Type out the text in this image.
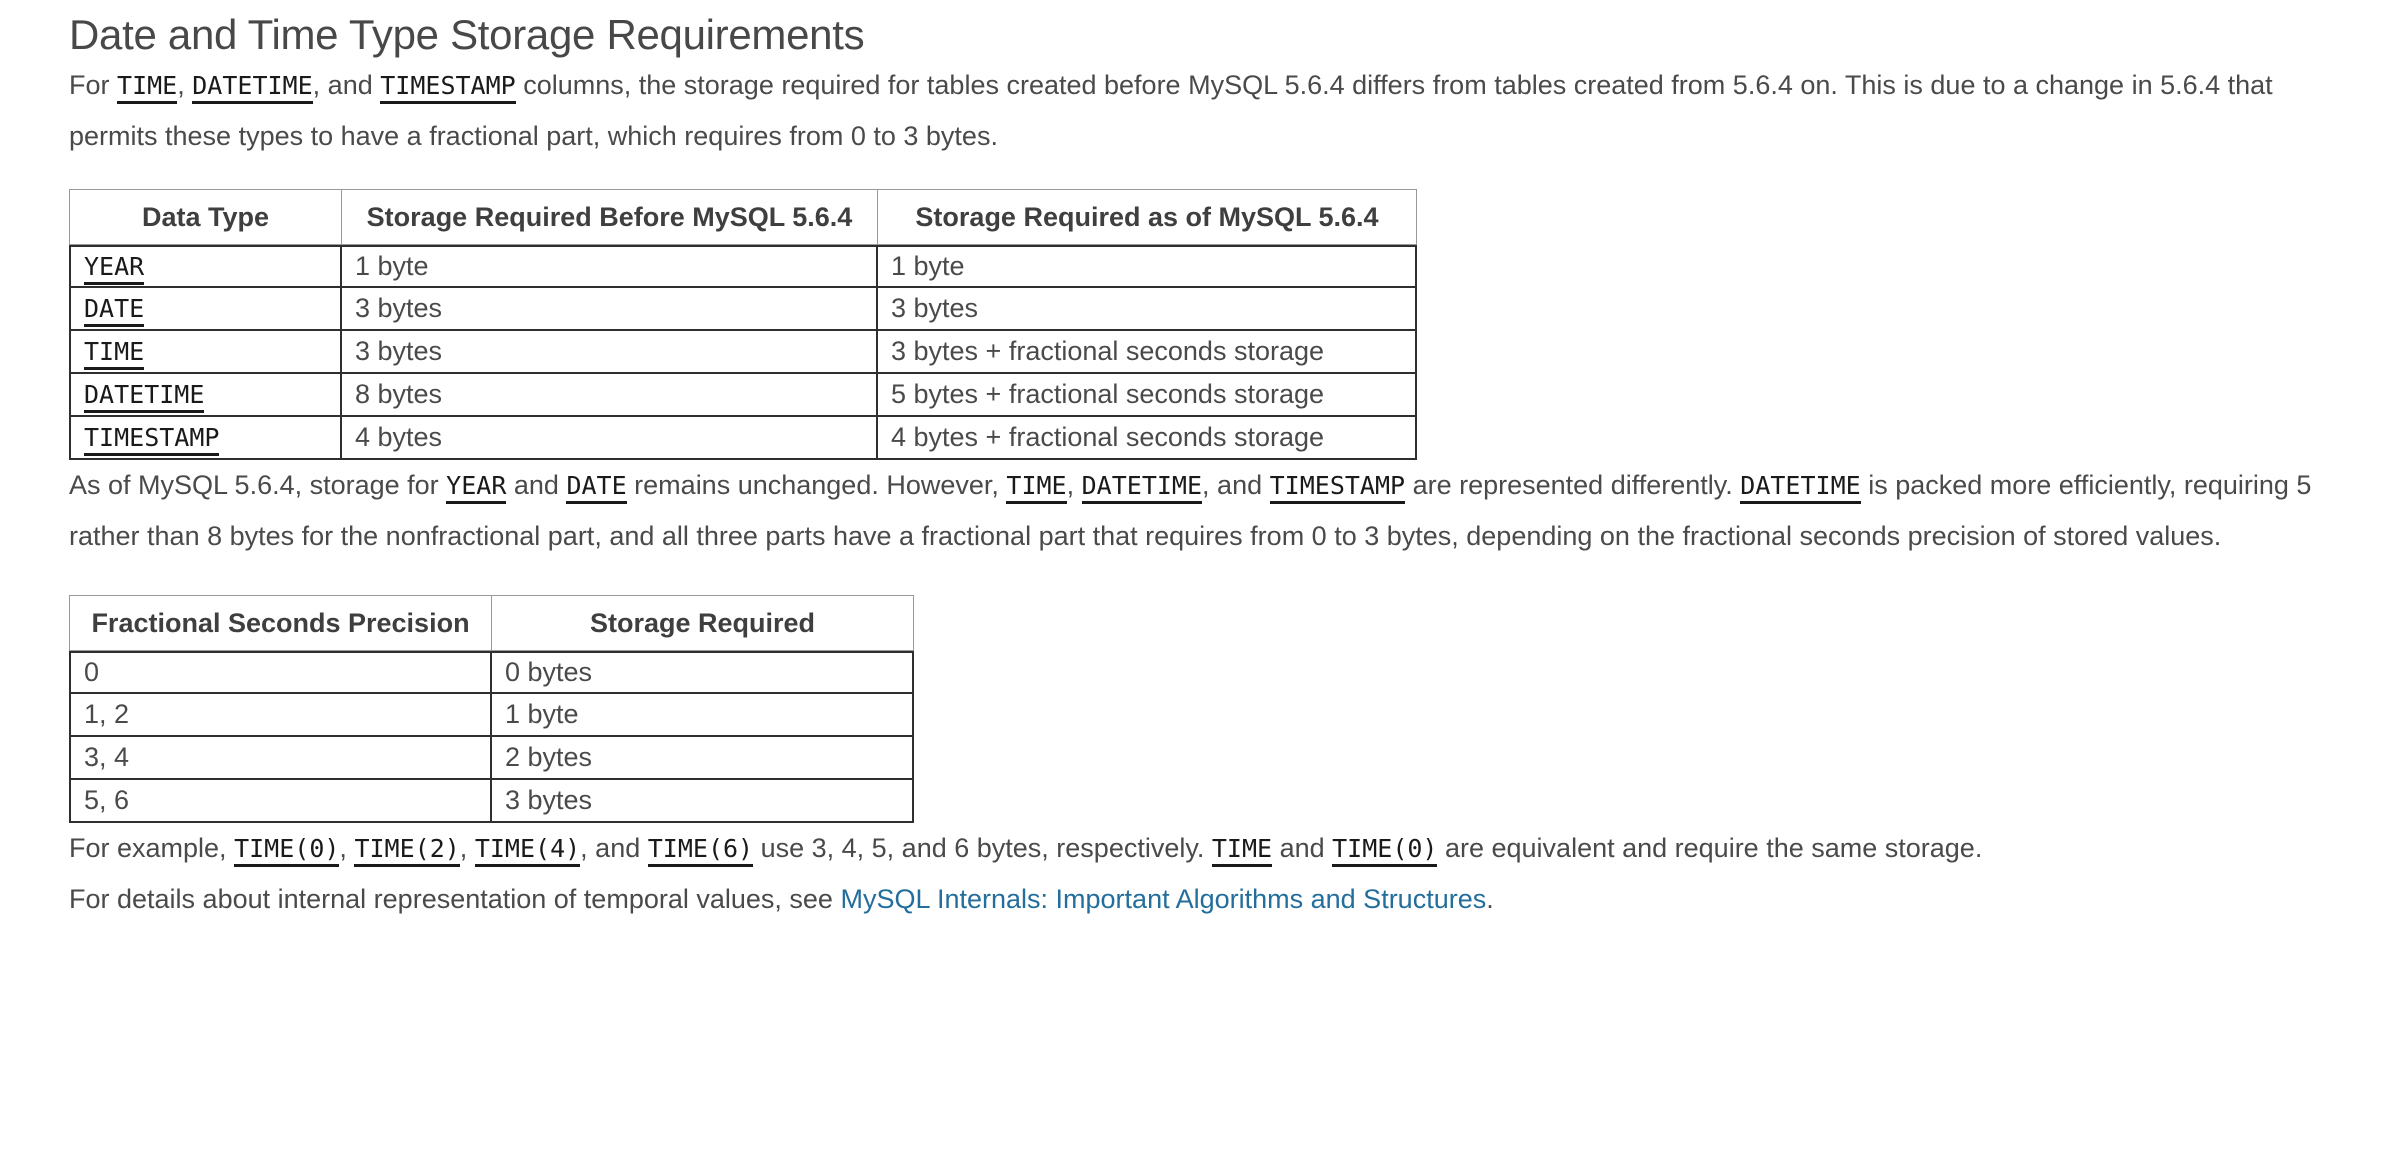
Date and Time Type Storage Requirements

For TIME, DATETIME, and TIMESTAMP columns, the storage required for tables created before MySQL 5.6.4 differs from tables created from 5.6.4 on. This is due to a change in 5.6.4 that permits these types to have a fractional part, which requires from 0 to 3 bytes.

Data Type	Storage Required Before MySQL 5.6.4	Storage Required as of MySQL 5.6.4
YEAR	1 byte	1 byte
DATE	3 bytes	3 bytes
TIME	3 bytes	3 bytes + fractional seconds storage
DATETIME	8 bytes	5 bytes + fractional seconds storage
TIMESTAMP	4 bytes	4 bytes + fractional seconds storage

As of MySQL 5.6.4, storage for YEAR and DATE remains unchanged. However, TIME, DATETIME, and TIMESTAMP are represented differently. DATETIME is packed more efficiently, requiring 5 rather than 8 bytes for the nonfractional part, and all three parts have a fractional part that requires from 0 to 3 bytes, depending on the fractional seconds precision of stored values.

Fractional Seconds Precision	Storage Required
0	0 bytes
1, 2	1 byte
3, 4	2 bytes
5, 6	3 bytes

For example, TIME(0), TIME(2), TIME(4), and TIME(6) use 3, 4, 5, and 6 bytes, respectively. TIME and TIME(0) are equivalent and require the same storage.

For details about internal representation of temporal values, see MySQL Internals: Important Algorithms and Structures.
